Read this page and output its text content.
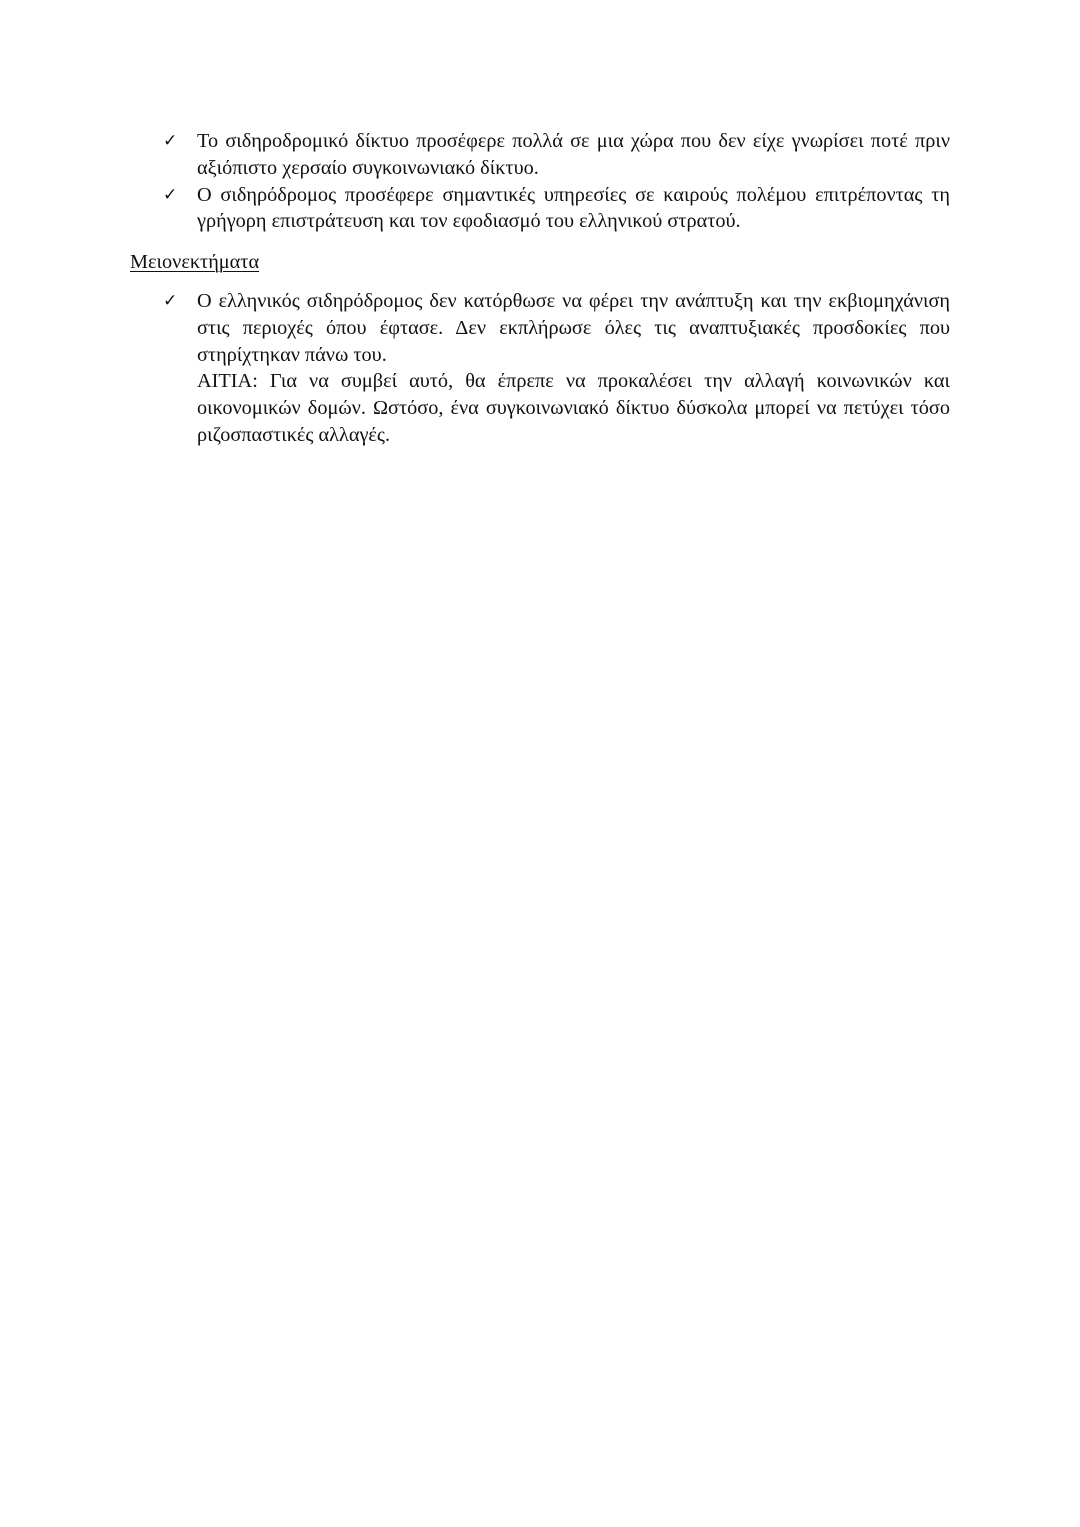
✓ Το σιδηροδρομικό δίκτυο προσέφερε πολλά σε μια χώρα που δεν είχε γνωρίσει ποτέ πριν αξιόπιστο χερσαίο συγκοινωνιακό δίκτυο.
✓ Ο σιδηρόδρομος προσέφερε σημαντικές υπηρεσίες σε καιρούς πολέμου επιτρέποντας τη γρήγορη επιστράτευση και τον εφοδιασμό του ελληνικού στρατού.
Μειονεκτήματα
✓ Ο ελληνικός σιδηρόδρομος δεν κατόρθωσε να φέρει την ανάπτυξη και την εκβιομηχάνιση στις περιοχές όπου έφτασε. Δεν εκπλήρωσε όλες τις αναπτυξιακές προσδοκίες που στηρίχτηκαν πάνω του.
ΑΙΤΙΑ: Για να συμβεί αυτό, θα έπρεπε να προκαλέσει την αλλαγή κοινωνικών και οικονομικών δομών. Ωστόσο, ένα συγκοινωνιακό δίκτυο δύσκολα μπορεί να πετύχει τόσο ριζοσπαστικές αλλαγές.
